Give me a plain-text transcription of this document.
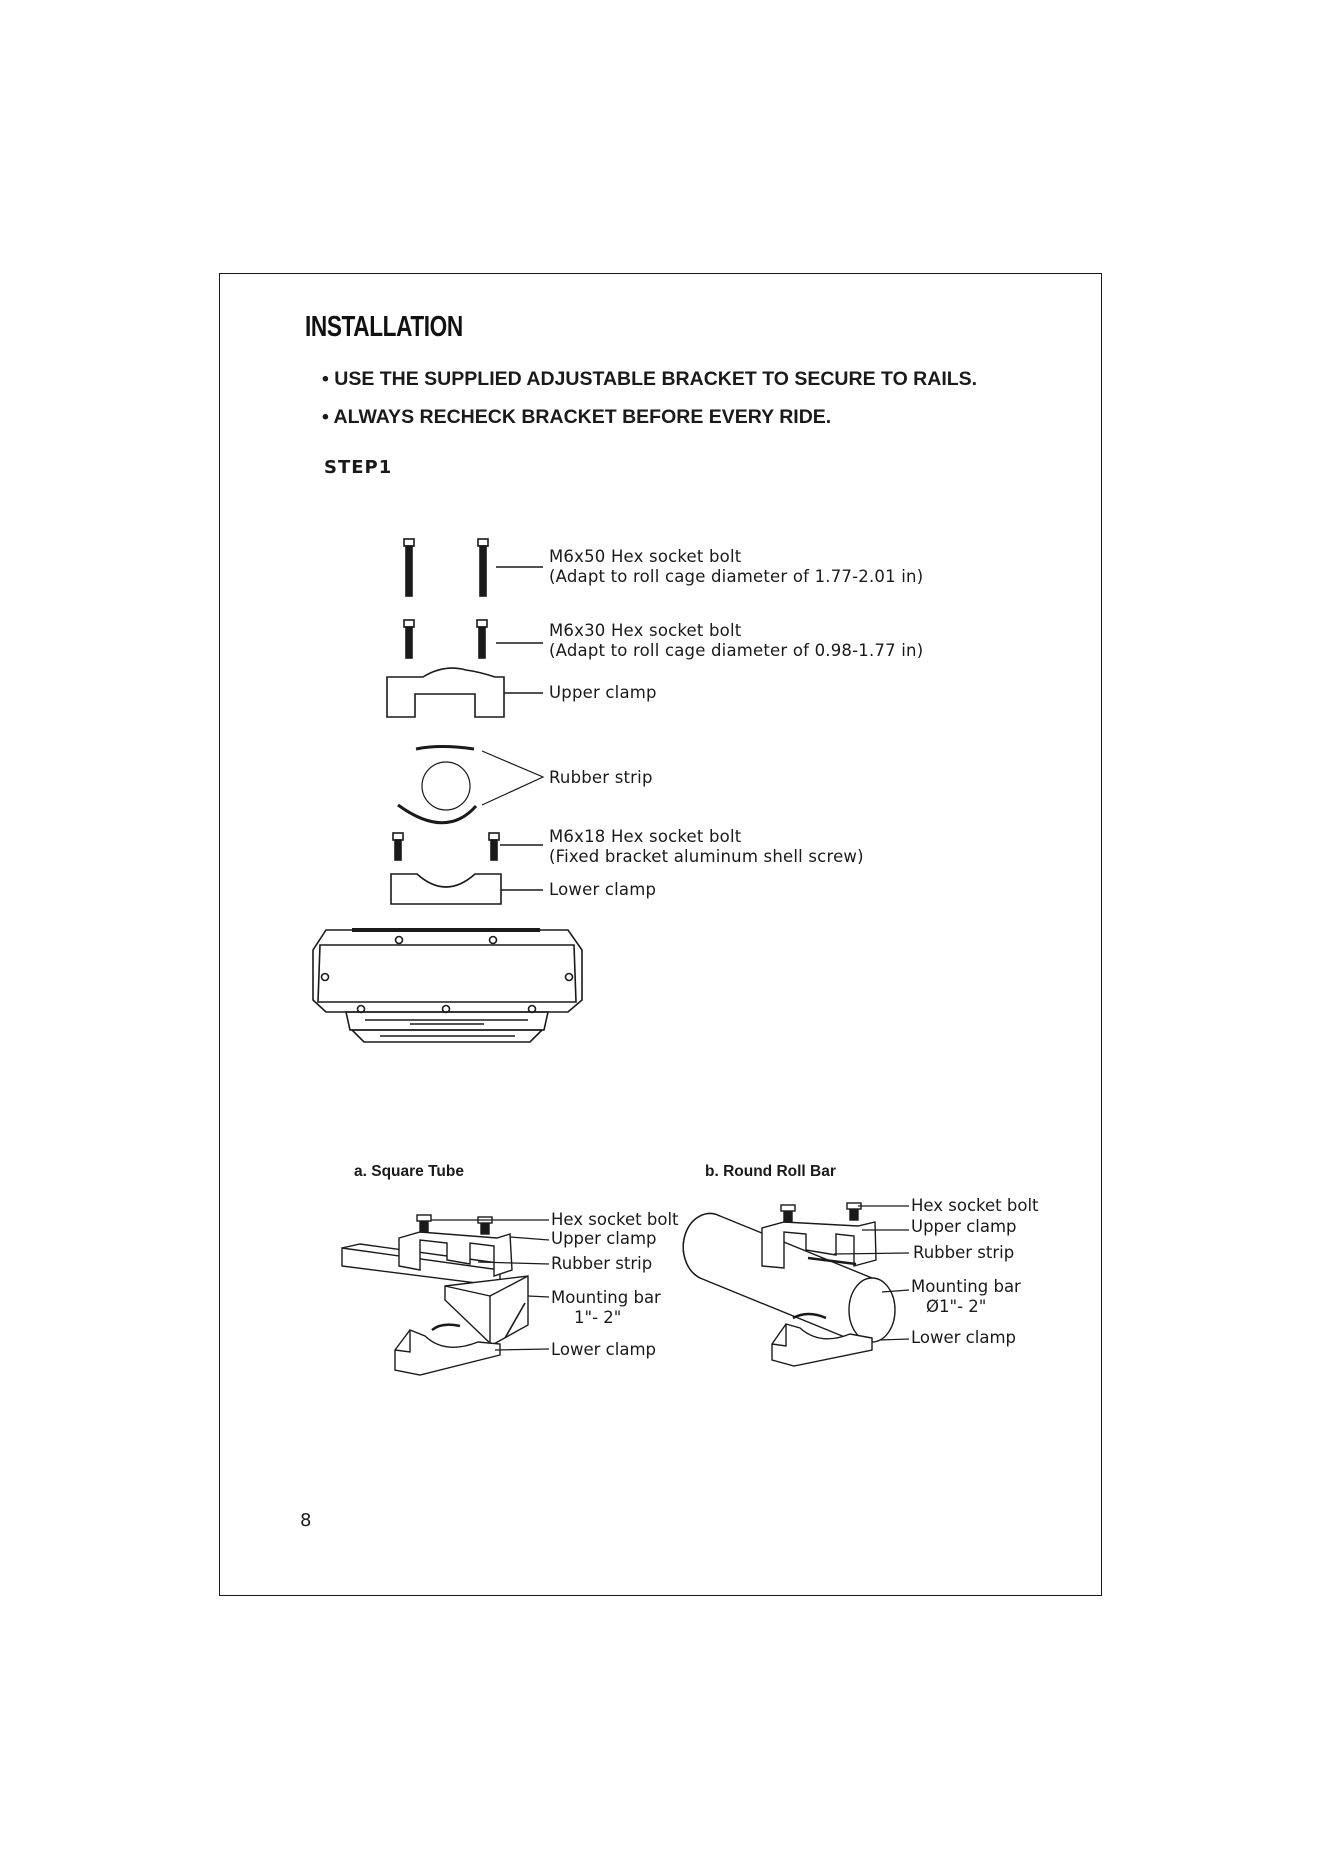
INSTALLATION
• USE THE SUPPLIED ADJUSTABLE BRACKET TO SECURE TO RAILS.
• ALWAYS RECHECK BRACKET BEFORE EVERY RIDE.
STEP1
M6x50 Hex socket bolt
(Adapt to roll cage diameter of 1.77-2.01 in)
M6x30 Hex socket bolt
(Adapt to roll cage diameter of 0.98-1.77 in)
Upper clamp
Rubber strip
M6x18 Hex socket bolt
(Fixed bracket aluminum shell screw)
Lower clamp
a. Square Tube	b. Round Roll Bar
Hex socket bolt
Upper clamp
Rubber strip
Mounting bar
1"- 2"
Lower clamp
Hex socket bolt
Upper clamp
Rubber strip
Mounting bar
Ø1"- 2"
Lower clamp
8
